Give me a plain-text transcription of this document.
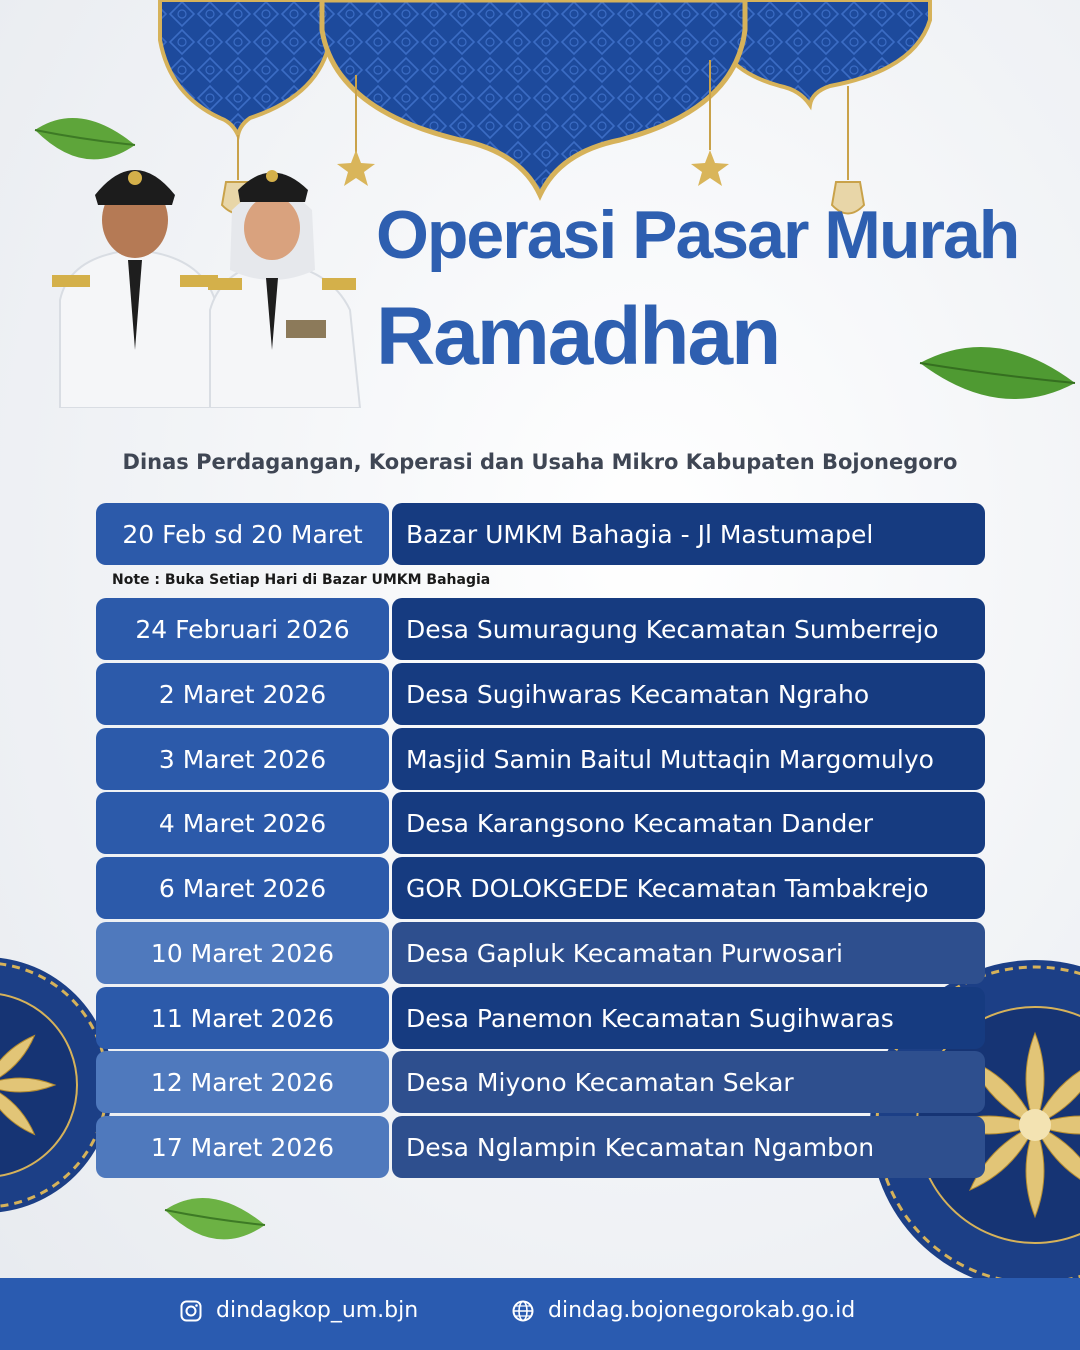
Operasi Pasar Murah
Ramadhan
Dinas Perdagangan, Koperasi dan Usaha Mikro Kabupaten Bojonegoro
20 Feb sd 20 Maret	Bazar UMKM Bahagia - Jl Mastumapel
Note : Buka Setiap Hari di Bazar UMKM Bahagia
24 Februari 2026	Desa Sumuragung Kecamatan Sumberrejo
2 Maret 2026	Desa Sugihwaras Kecamatan Ngraho
3 Maret 2026	Masjid Samin Baitul Muttaqin Margomulyo
4 Maret 2026	Desa Karangsono Kecamatan Dander
6 Maret 2026	GOR DOLOKGEDE Kecamatan Tambakrejo
10 Maret 2026	Desa Gapluk Kecamatan Purwosari
11 Maret 2026	Desa Panemon Kecamatan Sugihwaras
12 Maret 2026	Desa Miyono Kecamatan Sekar
17 Maret 2026	Desa Nglampin Kecamatan Ngambon
dindagkop_um.bjn	dindag.bojonegorokab.go.id
